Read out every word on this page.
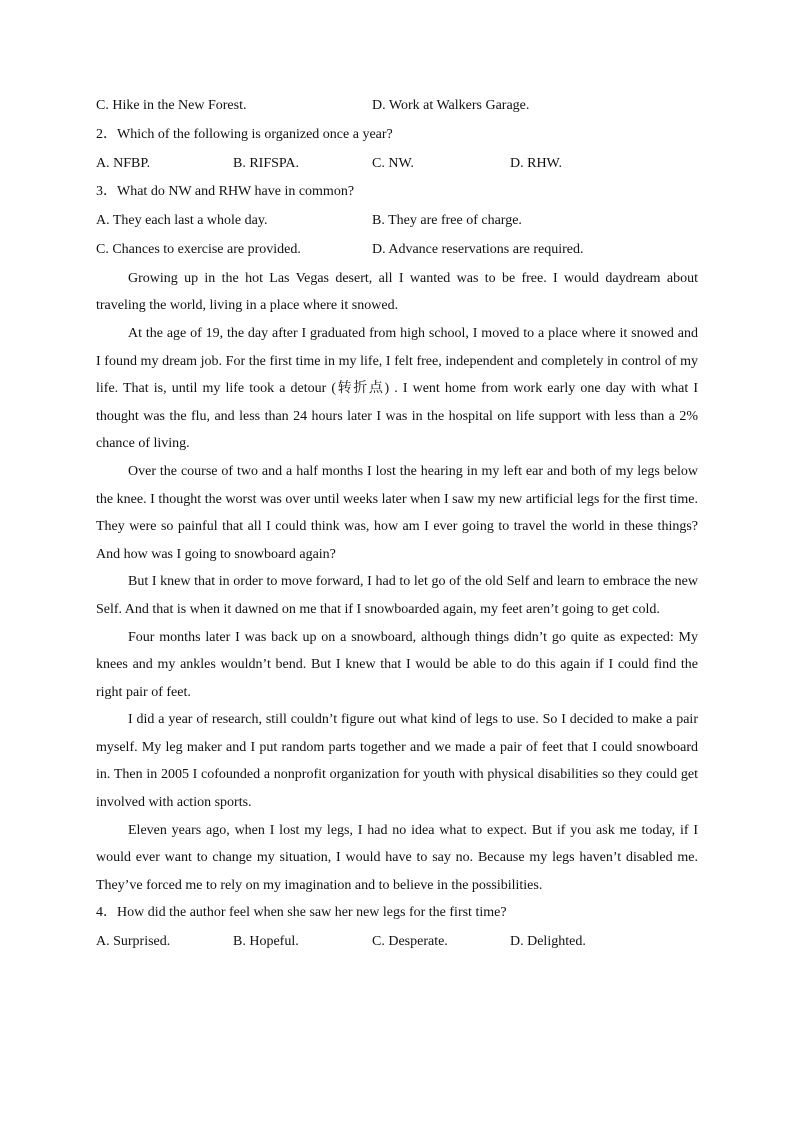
C. Hike in the New Forest.	D. Work at Walkers Garage.
2．Which of the following is organized once a year?
A. NFBP.	B. RIFSPA.	C. NW.	D. RHW.
3．What do NW and RHW have in common?
A. They each last a whole day.	B. They are free of charge.
C. Chances to exercise are provided.	D. Advance reservations are required.

Growing up in the hot Las Vegas desert, all I wanted was to be free. I would daydream about traveling the world, living in a place where it snowed.

At the age of 19, the day after I graduated from high school, I moved to a place where it snowed and I found my dream job. For the first time in my life, I felt free, independent and completely in control of my life. That is, until my life took a detour (转折点) . I went home from work early one day with what I thought was the flu, and less than 24 hours later I was in the hospital on life support with less than a 2% chance of living.

Over the course of two and a half months I lost the hearing in my left ear and both of my legs below the knee. I thought the worst was over until weeks later when I saw my new artificial legs for the first time. They were so painful that all I could think was, how am I ever going to travel the world in these things? And how was I going to snowboard again?

But I knew that in order to move forward, I had to let go of the old Self and learn to embrace the new Self. And that is when it dawned on me that if I snowboarded again, my feet aren’t going to get cold.

Four months later I was back up on a snowboard, although things didn’t go quite as expected: My knees and my ankles wouldn’t bend. But I knew that I would be able to do this again if I could find the right pair of feet.

I did a year of research, still couldn’t figure out what kind of legs to use. So I decided to make a pair myself. My leg maker and I put random parts together and we made a pair of feet that I could snowboard in. Then in 2005 I cofounded a nonprofit organization for youth with physical disabilities so they could get involved with action sports.

Eleven years ago, when I lost my legs, I had no idea what to expect. But if you ask me today, if I would ever want to change my situation, I would have to say no. Because my legs haven’t disabled me. They’ve forced me to rely on my imagination and to believe in the possibilities.

4．How did the author feel when she saw her new legs for the first time?
A. Surprised.	B. Hopeful.	C. Desperate.	D. Delighted.
